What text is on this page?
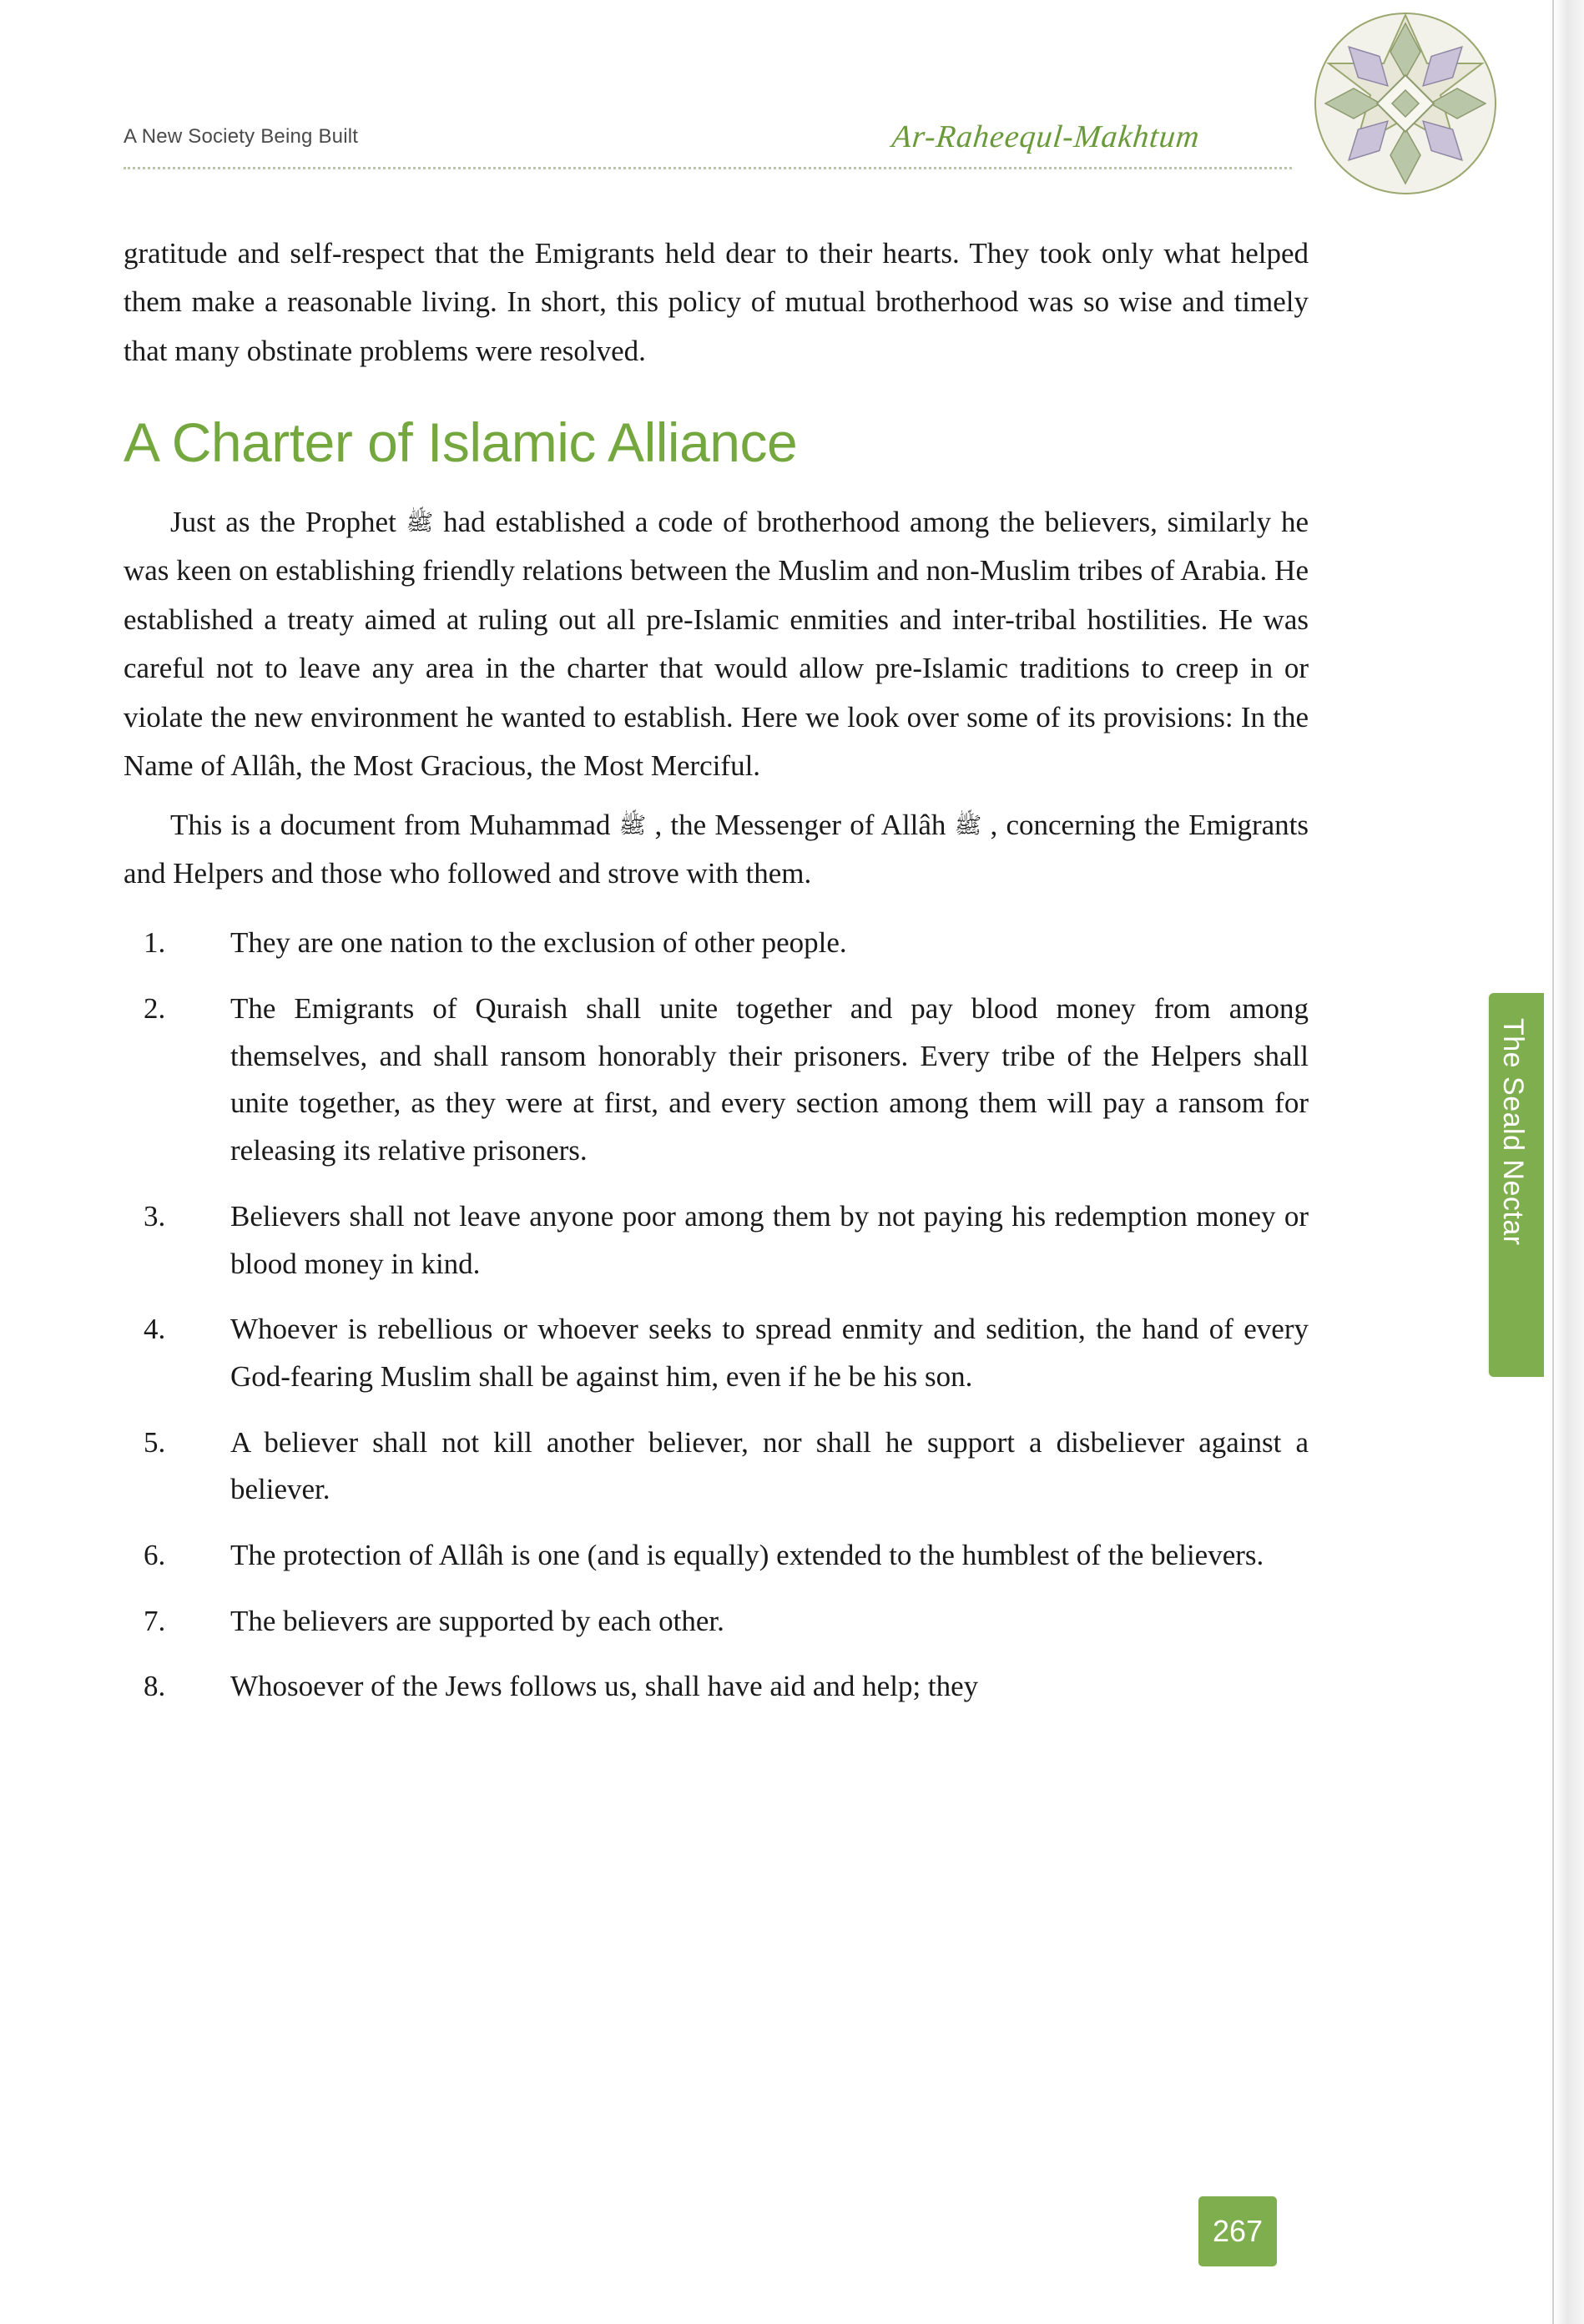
A New Society Being Built	Ar-Raheequl-Makhtum
The Seald Nectar

gratitude and self-respect that the Emigrants held dear to their hearts. They took only what helped them make a reasonable living. In short, this policy of mutual brotherhood was so wise and timely that many obstinate problems were resolved.

A Charter of Islamic Alliance

Just as the Prophet ﷺ had established a code of brotherhood among the believers, similarly he was keen on establishing friendly relations between the Muslim and non-Muslim tribes of Arabia. He established a treaty aimed at ruling out all pre-Islamic enmities and inter-tribal hostilities. He was careful not to leave any area in the charter that would allow pre-Islamic traditions to creep in or violate the new environment he wanted to establish. Here we look over some of its provisions: In the Name of Allâh, the Most Gracious, the Most Merciful.

This is a document from Muhammad ﷺ , the Messenger of Allâh ﷺ , concerning the Emigrants and Helpers and those who followed and strove with them.

1.	They are one nation to the exclusion of other people.
2.	The Emigrants of Quraish shall unite together and pay blood money from among themselves, and shall ransom honorably their prisoners. Every tribe of the Helpers shall unite together, as they were at first, and every section among them will pay a ransom for releasing its relative prisoners.
3.	Believers shall not leave anyone poor among them by not paying his redemption money or blood money in kind.
4.	Whoever is rebellious or whoever seeks to spread enmity and sedition, the hand of every God-fearing Muslim shall be against him, even if he be his son.
5.	A believer shall not kill another believer, nor shall he support a disbeliever against a believer.
6.	The protection of Allâh is one (and is equally) extended to the humblest of the believers.
7.	The believers are supported by each other.
8.	Whosoever of the Jews follows us, shall have aid and help; they
267
